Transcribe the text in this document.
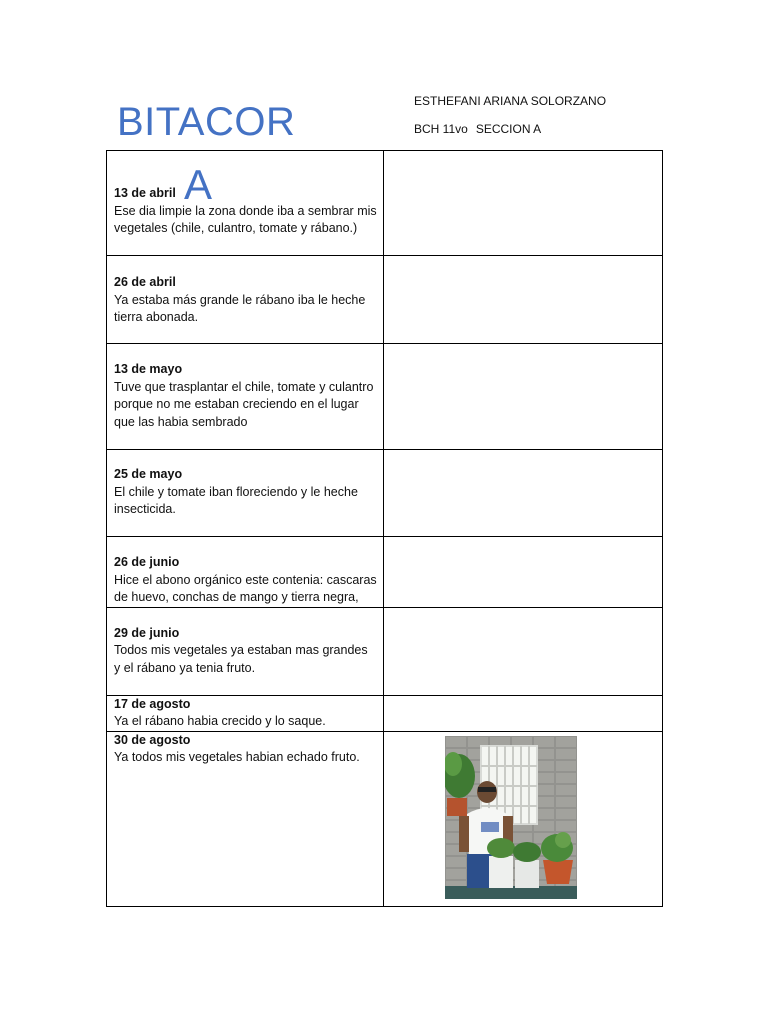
BITACOR	ESTHEFANI ARIANA SOLORZANO
BCH 11vo SECCION A
13 de abril
Ese dia limpie la zona donde iba a sembrar mis vegetales (chile, culantro, tomate y rábano.)	

26 de abril
Ya estaba más grande le rábano iba le heche tierra abonada.	

13 de mayo
Tuve que trasplantar el chile, tomate y culantro porque no me estaban creciendo en el lugar que las habia sembrado	

25 de mayo
El chile y tomate iban floreciendo y le heche insecticida.	

26 de junio
Hice el abono orgánico este contenia: cascaras de huevo, conchas de mango y tierra negra,	

29 de junio
Todos mis vegetales ya estaban mas grandes y el rábano ya tenia fruto.	

17 de agosto
Ya el rábano habia crecido y lo saque.	

30 de agosto
Ya todos mis vegetales habian echado fruto.

A
